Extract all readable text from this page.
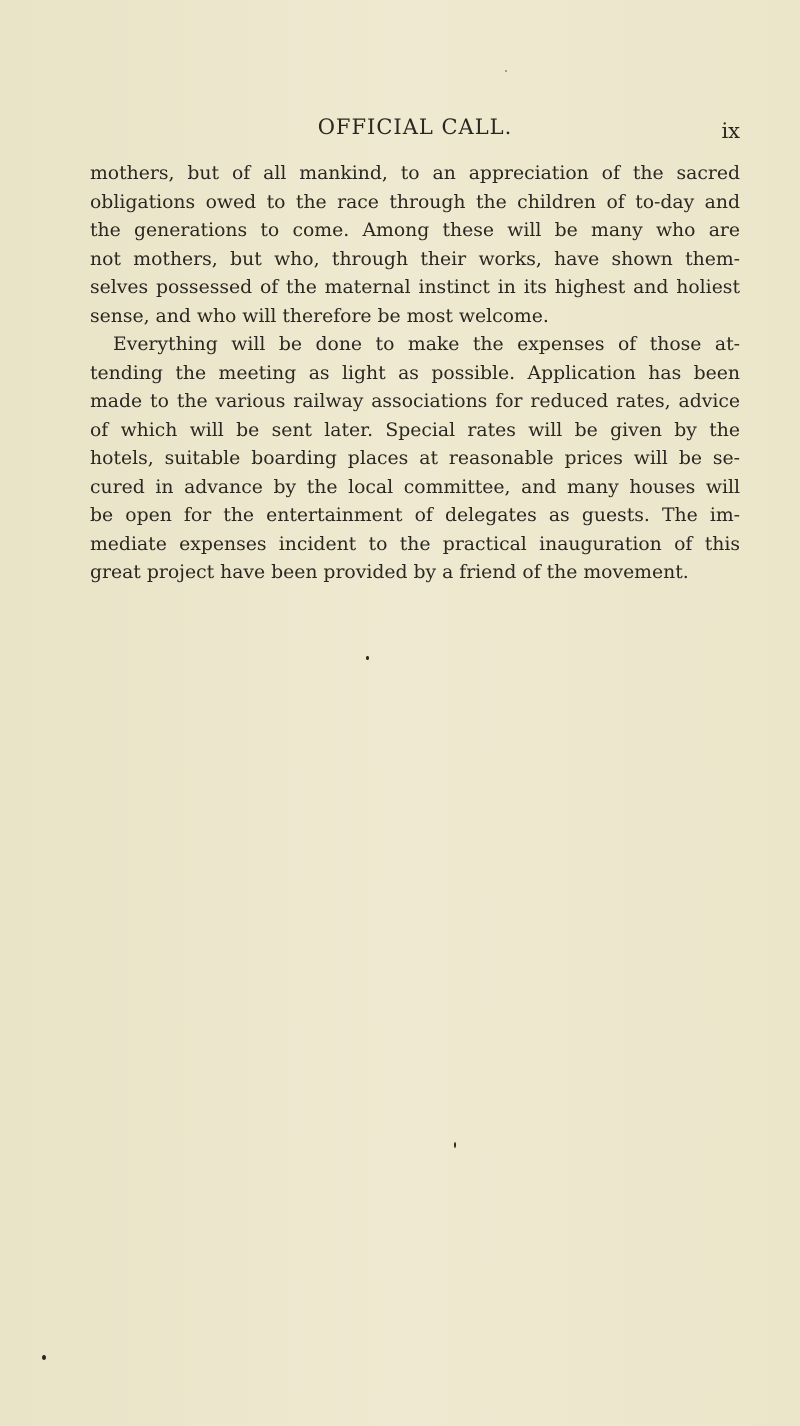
OFFICIAL CALL.	ix
mothers, but of all mankind, to an appreciation of the sacred
obligations owed to the race through the children of to-day and
the generations to come. Among these will be many who are
not mothers, but who, through their works, have shown them-
selves possessed of the maternal instinct in its highest and holiest
sense, and who will therefore be most welcome.
Everything will be done to make the expenses of those at-
tending the meeting as light as possible. Application has been
made to the various railway associations for reduced rates, advice
of which will be sent later. Special rates will be given by the
hotels, suitable boarding places at reasonable prices will be se-
cured in advance by the local committee, and many houses will
be open for the entertainment of delegates as guests. The im-
mediate expenses incident to the practical inauguration of this
great project have been provided by a friend of the movement.
